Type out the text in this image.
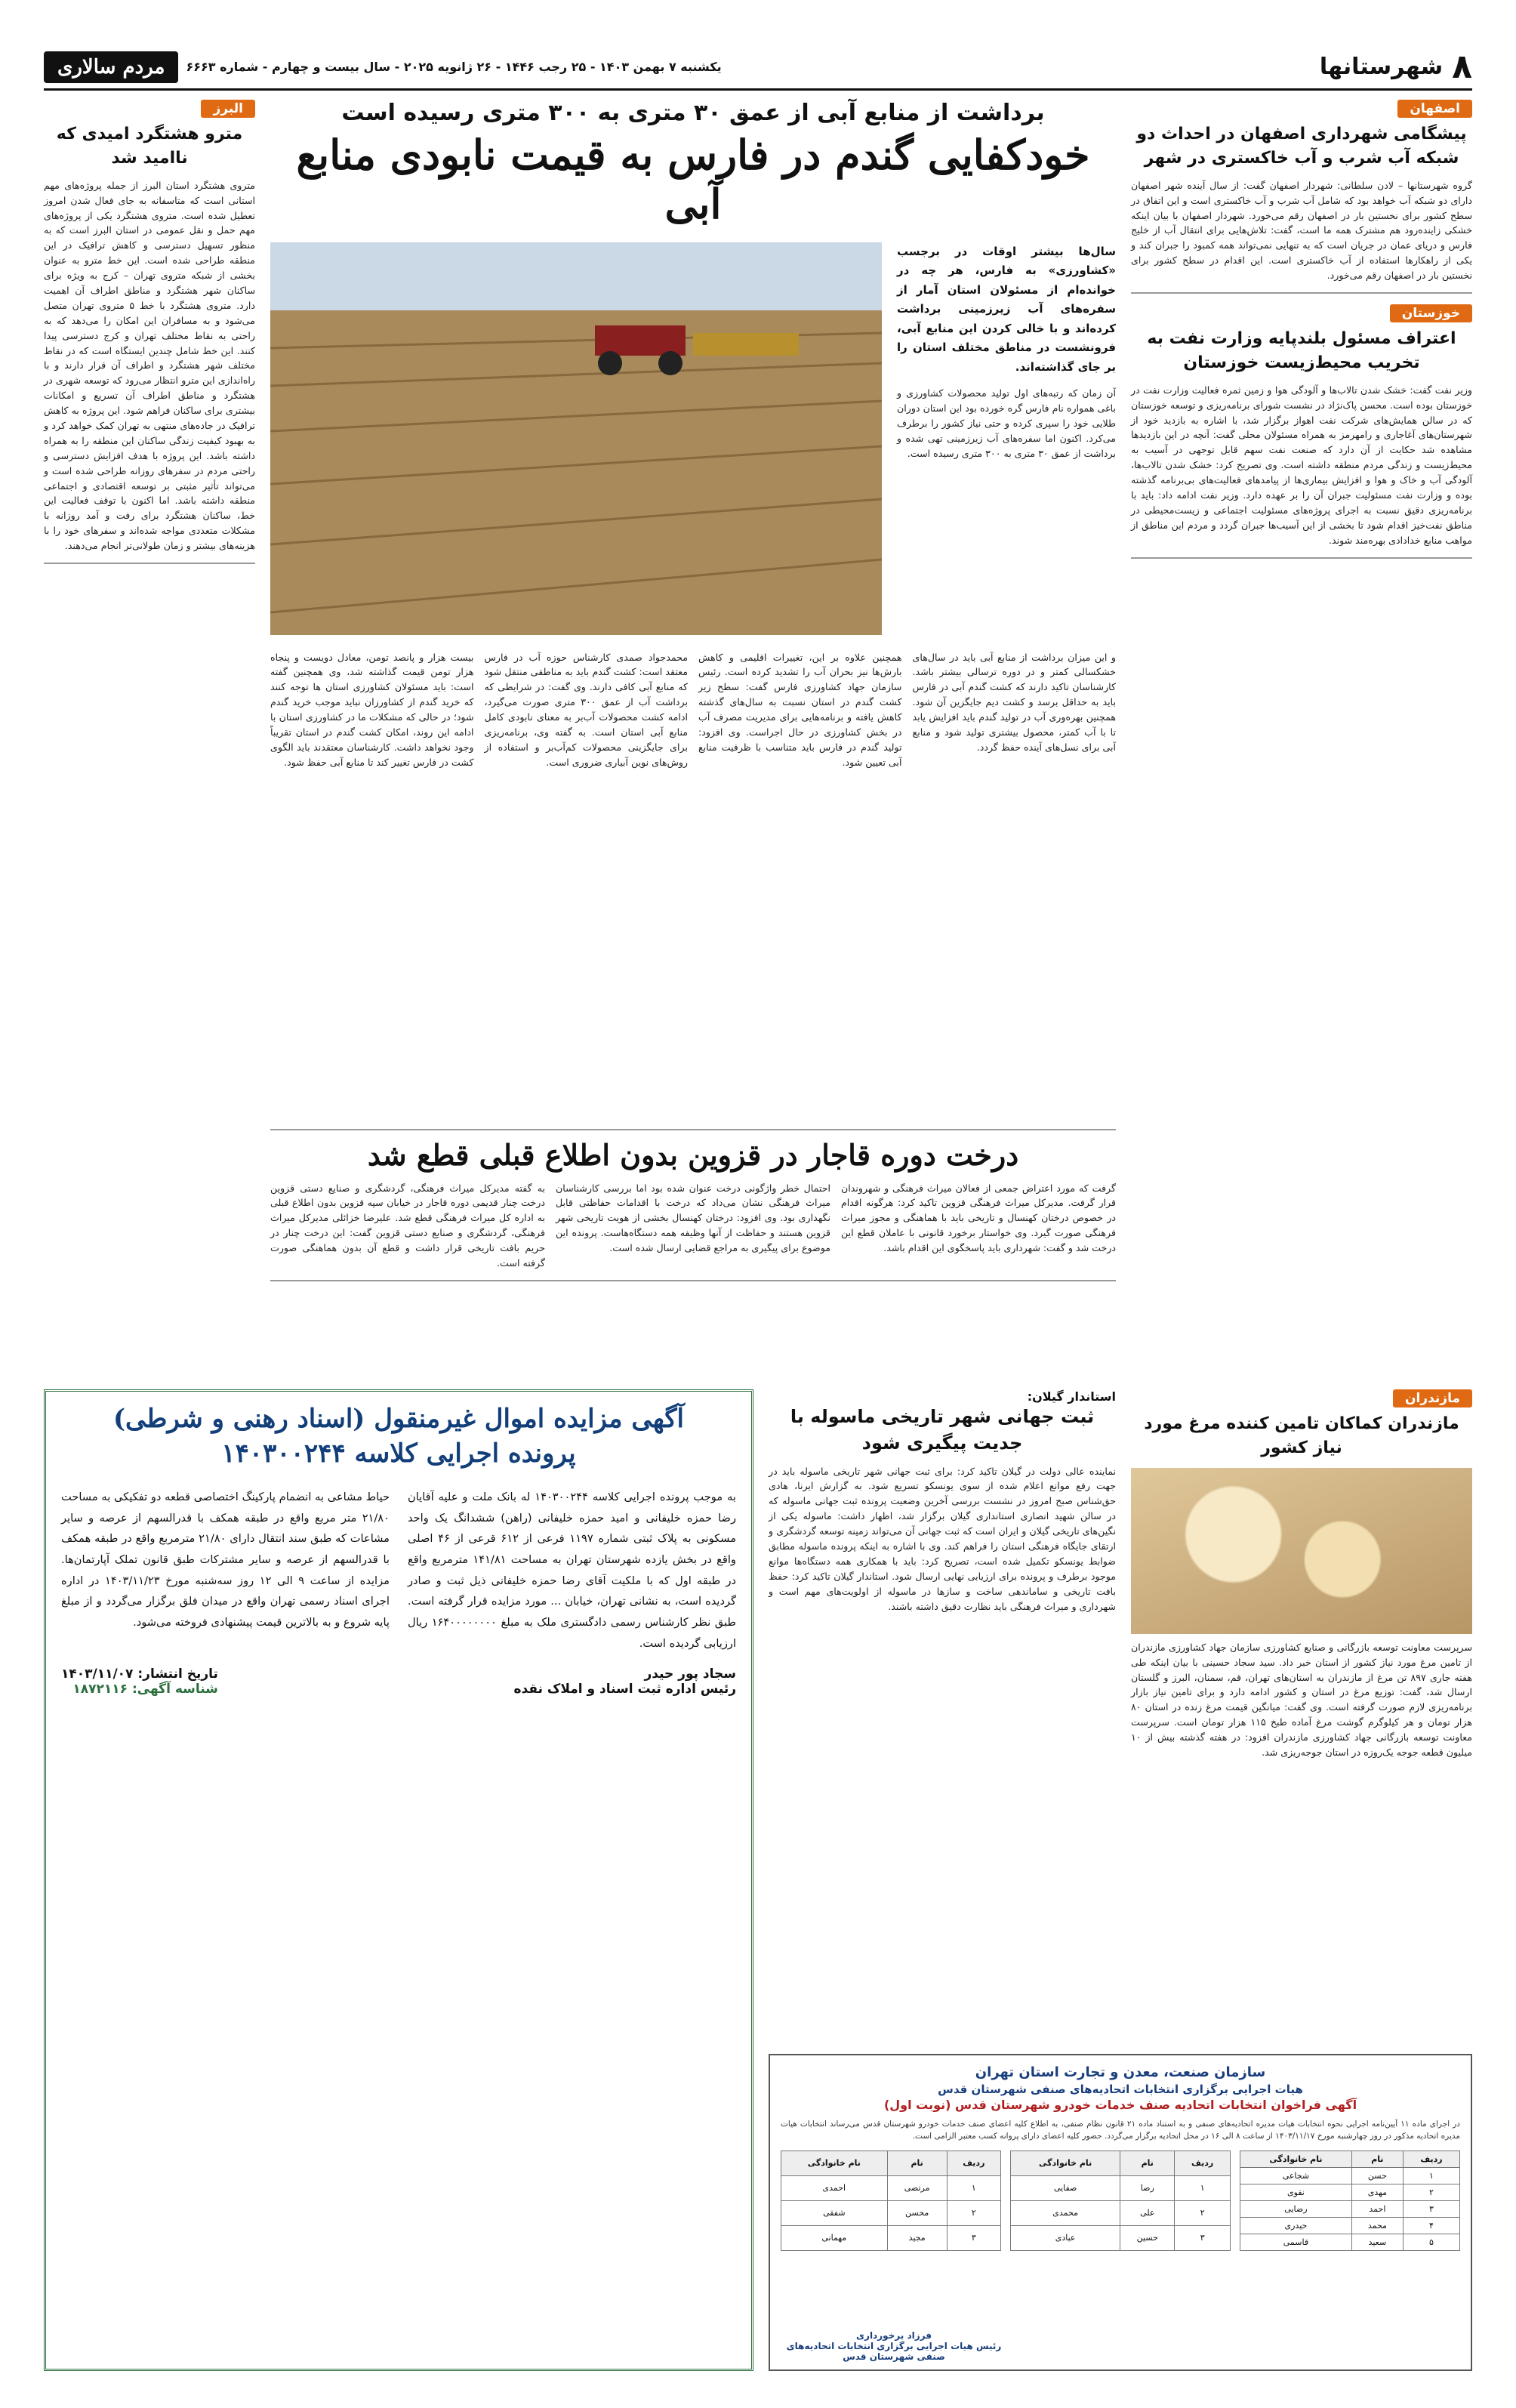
۸
شهرستانها
یکشنبه ۷ بهمن ۱۴۰۳ - ۲۵ رجب ۱۴۴۶ - ۲۶ ژانویه ۲۰۲۵ - سال بیست و چهارم - شماره ۶۶۶۳
مردم سالاری
اصفهان
پیشگامی شهرداری اصفهان در احداث دو شبکه آب شرب و آب خاکستری در شهر
گروه شهرستانها – لادن سلطانی: شهردار اصفهان گفت: از سال آینده شهر اصفهان دارای دو شبکه آب خواهد بود که شامل آب شرب و آب خاکستری است و این اتفاق در سطح کشور برای نخستین بار در اصفهان رقم می‌خورد. شهردار اصفهان با بیان اینکه خشکی زاینده‌رود هم مشترک همه ما است، گفت: تلاش‌هایی برای انتقال آب از خلیج فارس و دریای عمان در جریان است که به تنهایی نمی‌تواند همه کمبود را جبران کند و یکی از راهکارها استفاده از آب خاکستری است. این اقدام در سطح کشور برای نخستین بار در اصفهان رقم می‌خورد.
خوزستان
اعتراف مسئول بلندپایه وزارت نفت به تخریب محیط‌زیست خوزستان
وزیر نفت گفت: خشک شدن تالاب‌ها و آلودگی هوا و زمین ثمره فعالیت وزارت نفت در خوزستان بوده است. محسن پاک‌نژاد در نشست شورای برنامه‌ریزی و توسعه خوزستان که در سالن همایش‌های شرکت نفت اهواز برگزار شد، با اشاره به بازدید خود از شهرستان‌های آغاجاری و رامهرمز به همراه مسئولان محلی گفت: آنچه در این بازدیدها مشاهده شد حکایت از آن دارد که صنعت نفت سهم قابل توجهی در آسیب به محیط‌زیست و زندگی مردم منطقه داشته است. وی تصریح کرد: خشک شدن تالاب‌ها، آلودگی آب و خاک و هوا و افزایش بیماری‌ها از پیامدهای فعالیت‌های بی‌برنامه گذشته بوده و وزارت نفت مسئولیت جبران آن را بر عهده دارد. وزیر نفت ادامه داد: باید با برنامه‌ریزی دقیق نسبت به اجرای پروژه‌های مسئولیت اجتماعی و زیست‌محیطی در مناطق نفت‌خیز اقدام شود تا بخشی از این آسیب‌ها جبران گردد و مردم این مناطق از مواهب منابع خدادادی بهره‌مند شوند.
البرز
مترو هشتگرد امیدی که ناامید شد
متروی هشتگرد استان البرز از جمله پروژه‌های مهم استانی است که متاسفانه به جای فعال شدن امروز تعطیل شده است. متروی هشتگرد یکی از پروژه‌های مهم حمل و نقل عمومی در استان البرز است که به منظور تسهیل دسترسی و کاهش ترافیک در این منطقه طراحی شده است. این خط مترو به عنوان بخشی از شبکه متروی تهران – کرج به ویژه برای ساکنان شهر هشتگرد و مناطق اطراف آن اهمیت دارد. متروی هشتگرد با خط ۵ متروی تهران متصل می‌شود و به مسافران این امکان را می‌دهد که به راحتی به نقاط مختلف تهران و کرج دسترسی پیدا کنند. این خط شامل چندین ایستگاه است که در نقاط مختلف شهر هشتگرد و اطراف آن قرار دارند و با راه‌اندازی این مترو انتظار می‌رود که توسعه شهری در هشتگرد و مناطق اطراف آن تسریع و امکانات بیشتری برای ساکنان فراهم شود. این پروژه به کاهش ترافیک در جاده‌های منتهی به تهران کمک خواهد کرد و به بهبود کیفیت زندگی ساکنان این منطقه را به همراه داشته باشد. این پروژه با هدف افزایش دسترسی و راحتی مردم در سفرهای روزانه طراحی شده است و می‌تواند تأثیر مثبتی بر توسعه اقتصادی و اجتماعی منطقه داشته باشد. اما اکنون با توقف فعالیت این خط، ساکنان هشتگرد برای رفت و آمد روزانه با مشکلات متعددی مواجه شده‌اند و سفرهای خود را با هزینه‌های بیشتر و زمان طولانی‌تر انجام می‌دهند.
برداشت از منابع آبی از عمق ۳۰ متری به ۳۰۰ متری رسیده است
خودکفایی گندم در فارس به قیمت نابودی منابع آبی
سال‌ها بیشتر اوقات در برجسب «کشاورزی» به فارس، هر چه در خوانده‌ام از مسئولان استان آمار از سفره‌های آب زیرزمینی برداشت کرده‌اند و با خالی کردن این منابع آبی، فرونشست در مناطق مختلف استان را بر جای گذاشته‌اند.
آن زمان که رتبه‌های اول تولید محصولات کشاورزی و باغی همواره نام فارس گره خورده بود این استان دوران طلایی خود را سپری کرده و حتی نیاز کشور را برطرف می‌کرد. اکنون اما سفره‌های آب زیرزمینی تهی شده و برداشت از عمق ۳۰ متری به ۳۰۰ متری رسیده است.
و این میزان برداشت از منابع آبی باید در سال‌های خشکسالی کمتر و در دوره ترسالی بیشتر باشد. کارشناسان تاکید دارند که کشت گندم آبی در فارس باید به حداقل برسد و کشت دیم جایگزین آن شود. همچنین بهره‌وری آب در تولید گندم باید افزایش یابد تا با آب کمتر، محصول بیشتری تولید شود و منابع آبی برای نسل‌های آینده حفظ گردد.
همچنین علاوه بر این، تغییرات اقلیمی و کاهش بارش‌ها نیز بحران آب را تشدید کرده است. رئیس سازمان جهاد کشاورزی فارس گفت: سطح زیر کشت گندم در استان نسبت به سال‌های گذشته کاهش یافته و برنامه‌هایی برای مدیریت مصرف آب در بخش کشاورزی در حال اجراست. وی افزود: تولید گندم در فارس باید متناسب با ظرفیت منابع آبی تعیین شود.
محمدجواد صمدی کارشناس حوزه آب در فارس معتقد است: کشت گندم باید به مناطقی منتقل شود که منابع آبی کافی دارند. وی گفت: در شرایطی که برداشت آب از عمق ۳۰۰ متری صورت می‌گیرد، ادامه کشت محصولات آب‌بر به معنای نابودی کامل منابع آبی استان است. به گفته وی، برنامه‌ریزی برای جایگزینی محصولات کم‌آب‌بر و استفاده از روش‌های نوین آبیاری ضروری است.
بیست هزار و پانصد تومن، معادل دویست و پنجاه هزار تومن قیمت گذاشته شد، وی همچنین گفته است: باید مسئولان کشاورزی استان ها توجه کنند که خرید گندم از کشاورزان نباید موجب خرید گندم شود؛ در حالی که مشکلات ما در کشاورزی استان با ادامه این روند، امکان کشت گندم در استان تقریباً وجود نخواهد داشت. کارشناسان معتقدند باید الگوی کشت در فارس تغییر کند تا منابع آبی حفظ شود.
درخت دوره قاجار در قزوین بدون اطلاع قبلی قطع شد
گرفت که مورد اعتراض جمعی از فعالان میراث فرهنگی و شهروندان قرار گرفت. مدیرکل میراث فرهنگی قزوین تاکید کرد: هرگونه اقدام در خصوص درختان کهنسال و تاریخی باید با هماهنگی و مجوز میراث فرهنگی صورت گیرد. وی خواستار برخورد قانونی با عاملان قطع این درخت شد و گفت: شهرداری باید پاسخگوی این اقدام باشد.
احتمال خطر واژگونی درخت عنوان شده بود اما بررسی کارشناسان میراث فرهنگی نشان می‌داد که درخت با اقدامات حفاظتی قابل نگهداری بود. وی افزود: درختان کهنسال بخشی از هویت تاریخی شهر قزوین هستند و حفاظت از آنها وظیفه همه دستگاه‌هاست. پرونده این موضوع برای پیگیری به مراجع قضایی ارسال شده است.
به گفته مدیرکل میراث فرهنگی، گردشگری و صنایع دستی قزوین درخت چنار قدیمی دوره قاجار در خیابان سپه قزوین بدون اطلاع قبلی به اداره کل میراث فرهنگی قطع شد. علیرضا خزائلی مدیرکل میراث فرهنگی، گردشگری و صنایع دستی قزوین گفت: این درخت چنار در حریم بافت تاریخی قرار داشت و قطع آن بدون هماهنگی صورت گرفته است.
مازندران
مازندران کماکان تامین کننده مرغ مورد نیاز کشور
سرپرست معاونت توسعه بازرگانی و صنایع کشاورزی سازمان جهاد کشاورزی مازندران از تامین مرغ مورد نیاز کشور از استان خبر داد. سید سجاد حسینی با بیان اینکه طی هفته جاری ۸۹۷ تن مرغ از مازندران به استان‌های تهران، قم، سمنان، البرز و گلستان ارسال شد، گفت: توزیع مرغ در استان و کشور ادامه دارد و برای تامین نیاز بازار برنامه‌ریزی لازم صورت گرفته است. وی گفت: میانگین قیمت مرغ زنده در استان ۸۰ هزار تومان و هر کیلوگرم گوشت مرغ آماده طبخ ۱۱۵ هزار تومان است. سرپرست معاونت توسعه بازرگانی جهاد کشاورزی مازندران افزود: در هفته گذشته بیش از ۱۰ میلیون قطعه جوجه یک‌روزه در استان جوجه‌ریزی شد.
آگهی مزایده اموال غیرمنقول (اسناد رهنی و شرطی)
پرونده اجرایی کلاسه ۱۴۰۳۰۰۲۴۴
به موجب پرونده اجرایی کلاسه ۱۴۰۳۰۰۲۴۴ له بانک ملت و علیه آقایان رضا حمزه خلیفانی و امید حمزه خلیفانی (راهن) ششدانگ یک واحد مسکونی به پلاک ثبتی شماره ۱۱۹۷ فرعی از ۶۱۲ قرعی از ۴۶ اصلی واقع در بخش یازده شهرستان تهران به مساحت ۱۴۱/۸۱ مترمربع واقع در طبقه اول که با ملکیت آقای رضا حمزه خلیفانی ذیل ثبت و صادر گردیده است، به نشانی تهران، خیابان ... مورد مزایده قرار گرفته است. طبق نظر کارشناس رسمی دادگستری ملک به مبلغ ۱۶۴۰۰۰۰۰۰۰۰ ریال ارزیابی گردیده است.
حیاط مشاعی به انضمام پارکینگ اختصاصی قطعه دو تفکیکی به مساحت ۲۱/۸۰ متر مربع واقع در طبقه همکف با قدرالسهم از عرصه و سایر مشاعات که طبق سند انتقال دارای ۲۱/۸۰ مترمربع واقع در طبقه همکف با قدرالسهم از عرصه و سایر مشترکات طبق قانون تملک آپارتمان‌ها. مزایده از ساعت ۹ الی ۱۲ روز سه‌شنبه مورخ ۱۴۰۳/۱۱/۲۳ در اداره اجرای اسناد رسمی تهران واقع در میدان فلق برگزار می‌گردد و از مبلغ پایه شروع و به بالاترین قیمت پیشنهادی فروخته می‌شود.
سجاد پور حیدر
رئیس اداره ثبت اسناد و املاک نقده
تاریخ انتشار: ۱۴۰۳/۱۱/۰۷
شناسه آگهی: ۱۸۷۲۱۱۶
استاندار گیلان:
ثبت جهانی شهر تاریخی ماسوله با جدیت پیگیری شود
نماینده عالی دولت در گیلان تاکید کرد: برای ثبت جهانی شهر تاریخی ماسوله باید در جهت رفع موانع اعلام شده از سوی یونسکو تسریع شود. به گزارش ایرنا، هادی حق‌شناس صبح امروز در نشست بررسی آخرین وضعیت پرونده ثبت جهانی ماسوله که در سالن شهید انصاری استانداری گیلان برگزار شد، اظهار داشت: ماسوله یکی از نگین‌های تاریخی گیلان و ایران است که ثبت جهانی آن می‌تواند زمینه توسعه گردشگری و ارتقای جایگاه فرهنگی استان را فراهم کند. وی با اشاره به اینکه پرونده ماسوله مطابق ضوابط یونسکو تکمیل شده است، تصریح کرد: باید با همکاری همه دستگاه‌ها موانع موجود برطرف و پرونده برای ارزیابی نهایی ارسال شود. استاندار گیلان تاکید کرد: حفظ بافت تاریخی و ساماندهی ساخت و سازها در ماسوله از اولویت‌های مهم است و شهرداری و میراث فرهنگی باید نظارت دقیق داشته باشند.
سازمان صنعت، معدن و تجارت استان تهران
هیات اجرایی برگزاری انتخابات اتحادیه‌های صنفی شهرستان قدس
آگهی فراخوان انتخابات اتحادیه صنف خدمات خودرو شهرستان قدس (نوبت اول)
در اجرای ماده ۱۱ آیین‌نامه اجرایی نحوه انتخابات هیات مدیره اتحادیه‌های صنفی و به استناد ماده ۲۱ قانون نظام صنفی، به اطلاع کلیه اعضای صنف خدمات خودرو شهرستان قدس می‌رساند انتخابات هیات مدیره اتحادیه مذکور در روز چهارشنبه مورخ ۱۴۰۳/۱۱/۱۷ از ساعت ۸ الی ۱۶ در محل اتحادیه برگزار می‌گردد. حضور کلیه اعضای دارای پروانه کسب معتبر الزامی است.
ردیف	نام	نام خانوادگی
۱	حسن	شجاعی
۲	مهدی	نقوی
۳	احمد	رضایی
۴	محمد	حیدری
۵	سعید	قاسمی
ردیف	نام	نام خانوادگی
۱	رضا	صفایی
۲	علی	محمدی
۳	حسین	عبادی
ردیف	نام	نام خانوادگی
۱	مرتضی	احمدی
۲	محسن	شفقی
۳	مجید	مهمانی
فرزاد برخورداری
رئیس هیات اجرایی برگزاری انتخابات اتحادیه‌های صنفی شهرستان قدس
